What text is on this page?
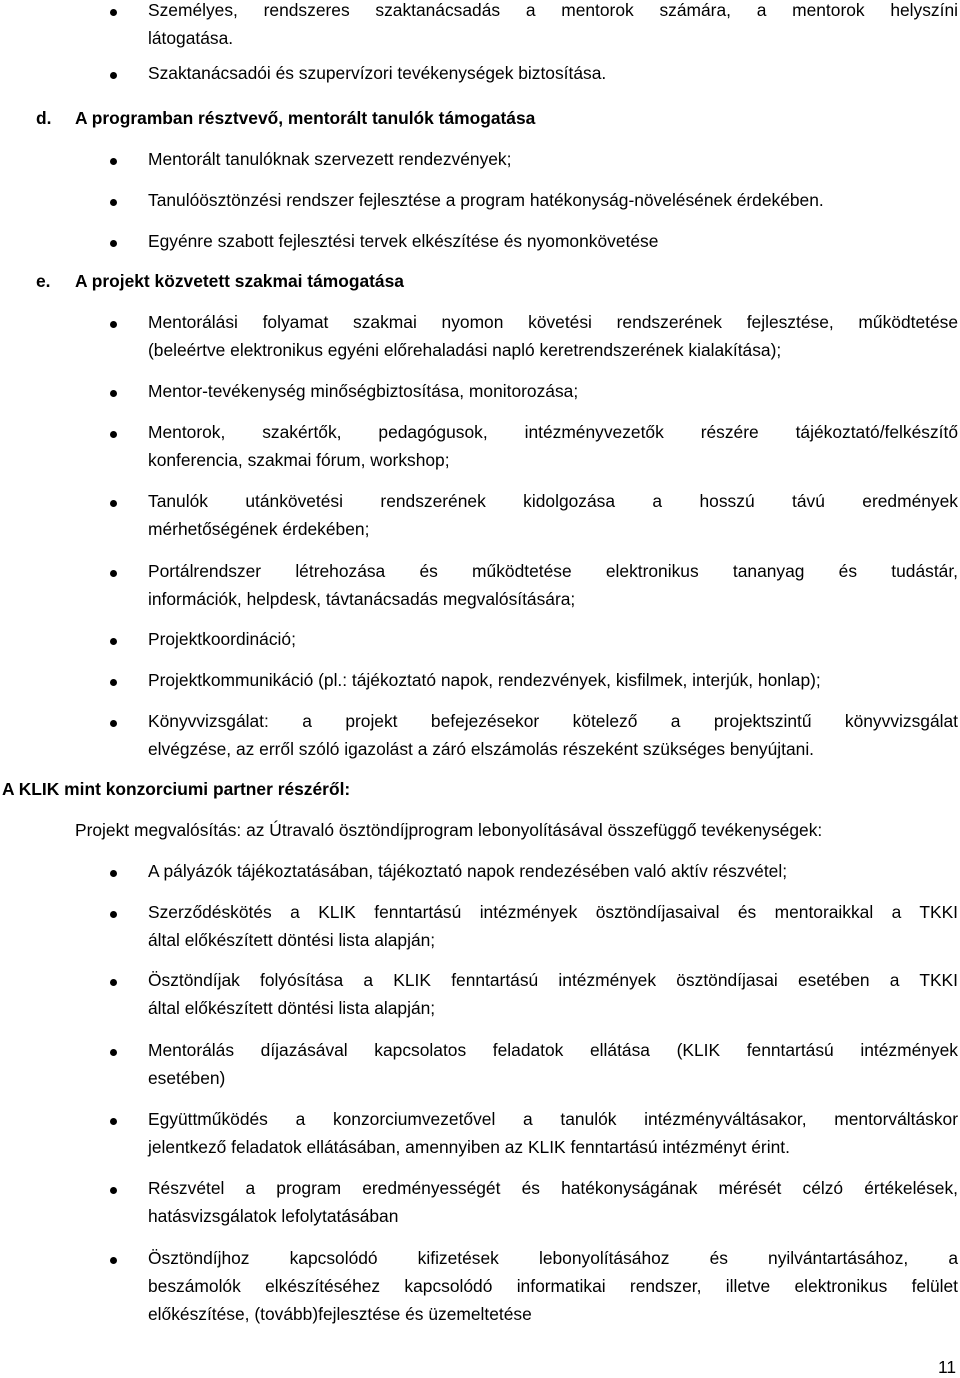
Személyes, rendszeres szaktanácsadás a mentorok számára, a mentorok helyszíni
látogatása.
Szaktanácsadói és szupervízori tevékenységek biztosítása.
d. A programban résztvevő, mentorált tanulók támogatása
Mentorált tanulóknak szervezett rendezvények;
Tanulóösztönzési rendszer fejlesztése a program hatékonyság-növelésének érdekében.
Egyénre szabott fejlesztési tervek elkészítése és nyomonkövetése
e. A projekt közvetett szakmai támogatása
Mentorálási folyamat szakmai nyomon követési rendszerének fejlesztése, működtetése
(beleértve elektronikus egyéni előrehaladási napló keretrendszerének kialakítása);
Mentor-tevékenység minőségbiztosítása, monitorozása;
Mentorok, szakértők, pedagógusok, intézményvezetők részére tájékoztató/felkészítő
konferencia, szakmai fórum, workshop;
Tanulók utánkövetési rendszerének kidolgozása a hosszú távú eredmények
mérhetőségének érdekében;
Portálrendszer létrehozása és működtetése elektronikus tananyag és tudástár,
információk, helpdesk, távtanácsadás megvalósítására;
Projektkoordináció;
Projektkommunikáció (pl.: tájékoztató napok, rendezvények, kisfilmek, interjúk, honlap);
Könyvvizsgálat: a projekt befejezésekor kötelező a projektszintű könyvvizsgálat
elvégzése, az erről szóló igazolást a záró elszámolás részeként szükséges benyújtani.
A KLIK mint konzorciumi partner részéről:
Projekt megvalósítás: az Útravaló ösztöndíjprogram lebonyolításával összefüggő tevékenységek:
A pályázók tájékoztatásában, tájékoztató napok rendezésében való aktív részvétel;
Szerződéskötés a KLIK fenntartású intézmények ösztöndíjasaival és mentoraikkal a TKKI
által előkészített döntési lista alapján;
Ösztöndíjak folyósítása a KLIK fenntartású intézmények ösztöndíjasai esetében a TKKI
által előkészített döntési lista alapján;
Mentorálás díjazásával kapcsolatos feladatok ellátása (KLIK fenntartású intézmények
esetében)
Együttműködés a konzorciumvezetővel a tanulók intézményváltásakor, mentorváltáskor
jelentkező feladatok ellátásában, amennyiben az KLIK fenntartású intézményt érint.
Részvétel a program eredményességét és hatékonyságának mérését célzó értékelések,
hatásvizsgálatok lefolytatásában
Ösztöndíjhoz kapcsolódó kifizetések lebonyolításához és nyilvántartásához, a
beszámolók elkészítéséhez kapcsolódó informatikai rendszer, illetve elektronikus felület
előkészítése, (tovább)fejlesztése és üzemeltetése
11
